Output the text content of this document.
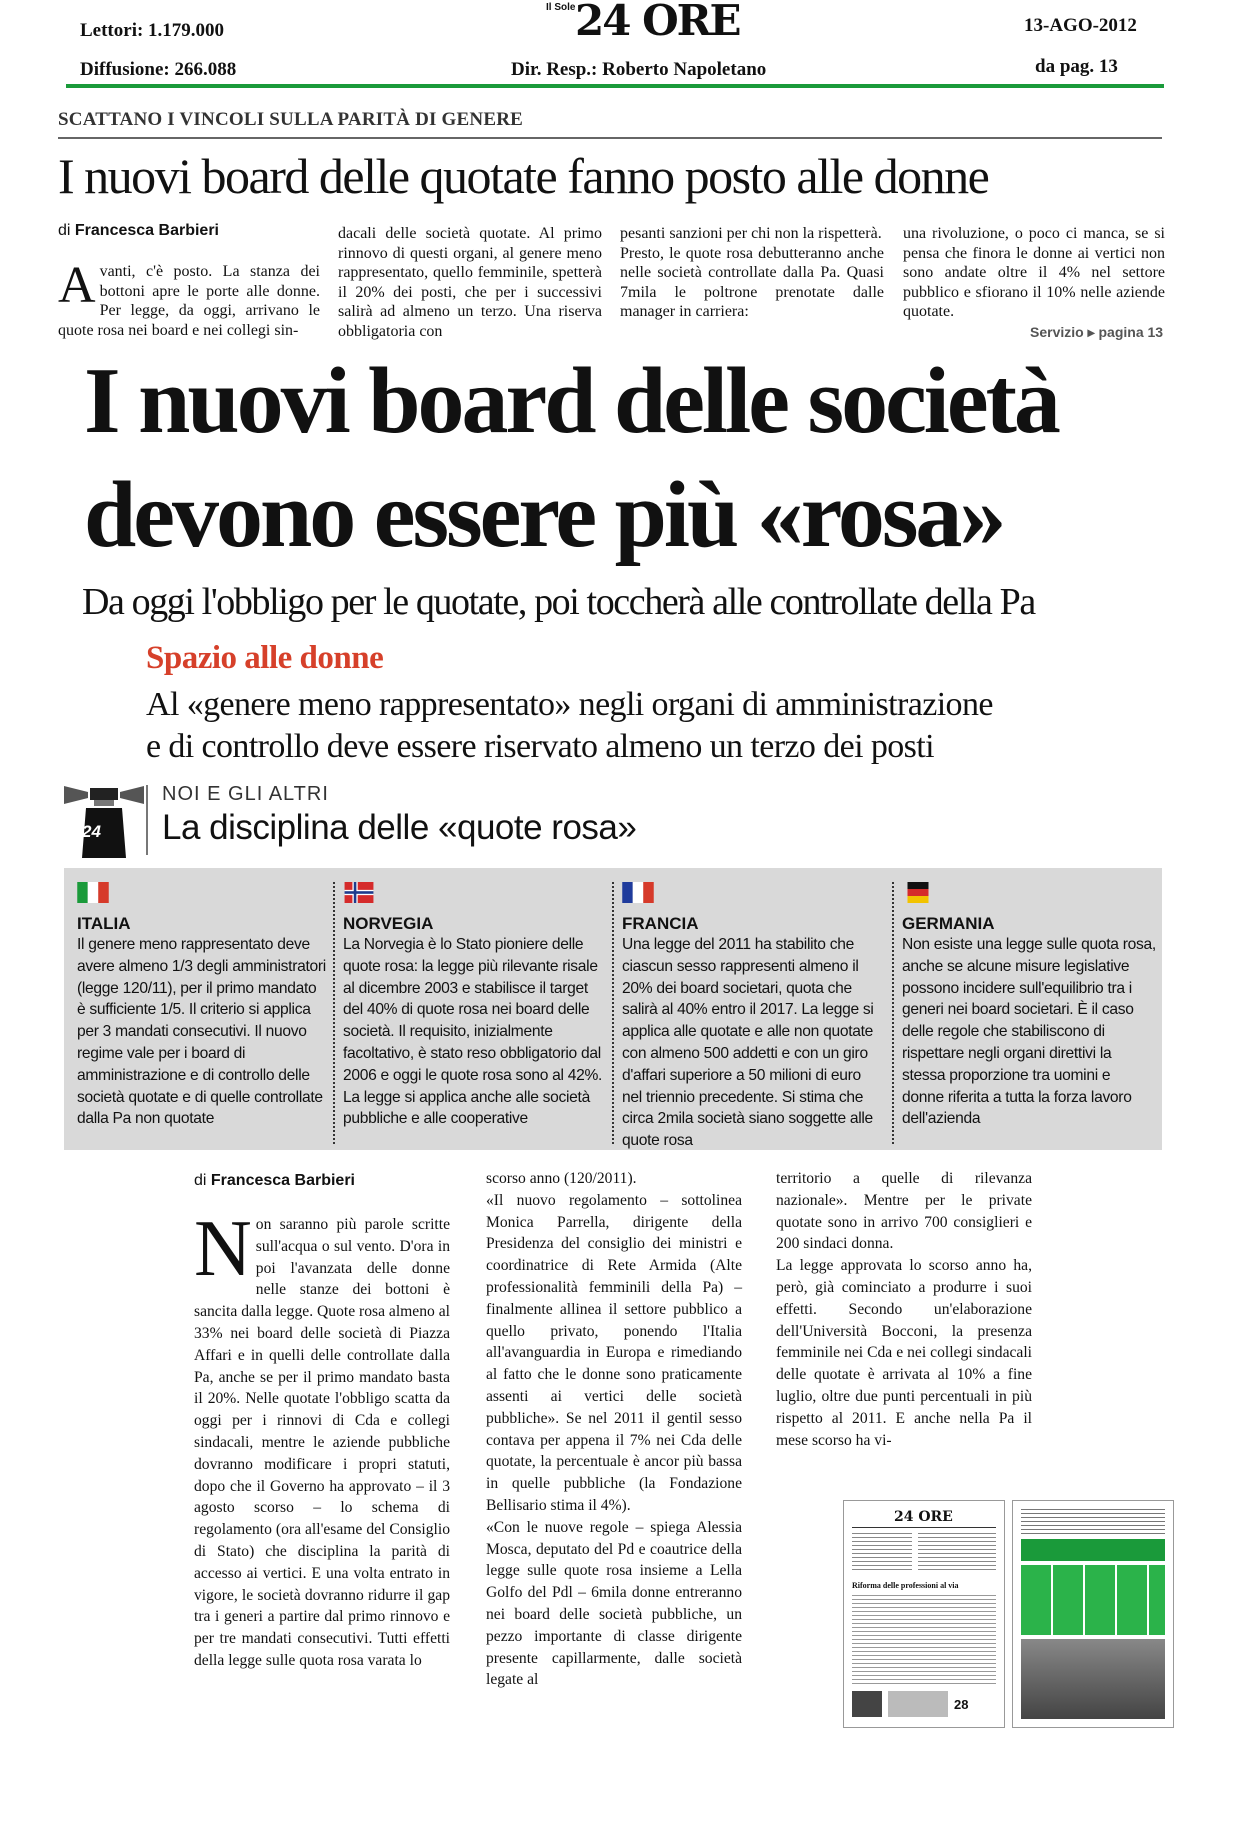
Lettori: 1.179.000
Diffusione: 266.088
Il Sole 24 ORE
Dir. Resp.: Roberto Napoletano
13-AGO-2012
da pag. 13
SCATTANO I VINCOLI SULLA PARITÀ DI GENERE
I nuovi board delle quotate fanno posto alle donne
di Francesca Barbieri
Avanti, c'è posto. La stanza dei bottoni apre le porte alle donne. Per legge, da oggi, arrivano le quote rosa nei board e nei collegi sin-
dacali delle società quotate. Al primo rinnovo di questi organi, al genere meno rappresentato, quello femminile, spetterà il 20% dei posti, che per i successivi salirà ad almeno un terzo. Una riserva obbligatoria con
pesanti sanzioni per chi non la rispetterà.
Presto, le quote rosa debutteranno anche nelle società controllate dalla Pa. Quasi 7mila le poltrone prenotate dalle manager in carriera:
una rivoluzione, o poco ci manca, se si pensa che finora le donne ai vertici non sono andate oltre il 4% nel settore pubblico e sfiorano il 10% nelle aziende quotate.
Servizio ▸ pagina 13
I nuovi board delle società
devono essere più «rosa»
Da oggi l'obbligo per le quotate, poi toccherà alle controllate della Pa
Spazio alle donne
Al «genere meno rappresentato» negli organi di amministrazione
e di controllo deve essere riservato almeno un terzo dei posti
24
NOI E GLI ALTRI
La disciplina delle «quote rosa»
ITALIA
Il genere meno rappresentato deve avere almeno 1/3 degli amministratori (legge 120/11), per il primo mandato è sufficiente 1/5. Il criterio si applica per 3 mandati consecutivi. Il nuovo regime vale per i board di amministrazione e di controllo delle società quotate e di quelle controllate dalla Pa non quotate
NORVEGIA
La Norvegia è lo Stato pioniere delle quote rosa: la legge più rilevante risale al dicembre 2003 e stabilisce il target del 40% di quote rosa nei board delle società. Il requisito, inizialmente facoltativo, è stato reso obbligatorio dal 2006 e oggi le quote rosa sono al 42%. La legge si applica anche alle società pubbliche e alle cooperative
FRANCIA
Una legge del 2011 ha stabilito che ciascun sesso rappresenti almeno il 20% dei board societari, quota che salirà al 40% entro il 2017. La legge si applica alle quotate e alle non quotate con almeno 500 addetti e con un giro d'affari superiore a 50 milioni di euro nel triennio precedente. Si stima che circa 2mila società siano soggette alle quote rosa
GERMANIA
Non esiste una legge sulle quota rosa, anche se alcune misure legislative possono incidere sull'equilibrio tra i generi nei board societari. È il caso delle regole che stabiliscono di rispettare negli organi direttivi la stessa proporzione tra uomini e donne riferita a tutta la forza lavoro dell'azienda
di Francesca Barbieri
Non saranno più parole scritte sull'acqua o sul vento. D'ora in poi l'avanzata delle donne nelle stanze dei bottoni è sancita dalla legge. Quote rosa almeno al 33% nei board delle società di Piazza Affari e in quelli delle controllate dalla Pa, anche se per il primo mandato basta il 20%. Nelle quotate l'obbligo scatta da oggi per i rinnovi di Cda e collegi sindacali, mentre le aziende pubbliche dovranno modificare i propri statuti, dopo che il Governo ha approvato – il 3 agosto scorso – lo schema di regolamento (ora all'esame del Consiglio di Stato) che disciplina la parità di accesso ai vertici. E una volta entrato in vigore, le società dovranno ridurre il gap tra i generi a partire dal primo rinnovo e per tre mandati consecutivi. Tutti effetti della legge sulle quota rosa varata lo
scorso anno (120/2011).
«Il nuovo regolamento – sottolinea Monica Parrella, dirigente della Presidenza del consiglio dei ministri e coordinatrice di Rete Armida (Alte professionalità femminili della Pa) – finalmente allinea il settore pubblico a quello privato, ponendo l'Italia all'avanguardia in Europa e rimediando al fatto che le donne sono praticamente assenti ai vertici delle società pubbliche». Se nel 2011 il gentil sesso contava per appena il 7% nei Cda delle quotate, la percentuale è ancor più bassa in quelle pubbliche (la Fondazione Bellisario stima il 4%).
«Con le nuove regole – spiega Alessia Mosca, deputato del Pd e coautrice della legge sulle quote rosa insieme a Lella Golfo del Pdl – 6mila donne entreranno nei board delle società pubbliche, un pezzo importante di classe dirigente presente capillarmente, dalle società legate al
territorio a quelle di rilevanza nazionale». Mentre per le private quotate sono in arrivo 700 consiglieri e 200 sindaci donna.
La legge approvata lo scorso anno ha, però, già cominciato a produrre i suoi effetti. Secondo un'elaborazione dell'Università Bocconi, la presenza femminile nei Cda e nei collegi sindacali delle quotate è arrivata al 10% a fine luglio, oltre due punti percentuali in più rispetto al 2011. E anche nella Pa il mese scorso ha vi-
24 ORE
Riforma delle professioni al via
28
